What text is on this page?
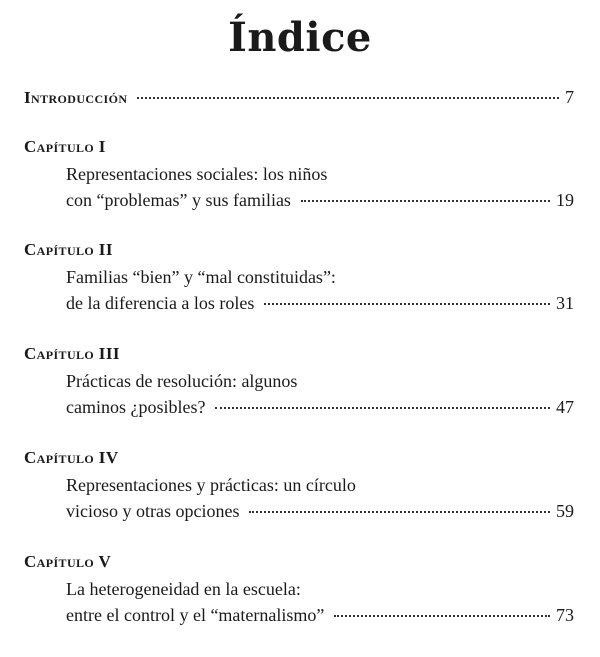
Índice
Introducción	7
Capítulo I
Representaciones sociales: los niños
con “problemas” y sus familias	19
Capítulo II
Familias “bien” y “mal constituidas”:
de la diferencia a los roles	31
Capítulo III
Prácticas de resolución: algunos
caminos ¿posibles?	47
Capítulo IV
Representaciones y prácticas: un círculo
vicioso y otras opciones	59
Capítulo V
La heterogeneidad en la escuela:
entre el control y el “maternalismo”	73
